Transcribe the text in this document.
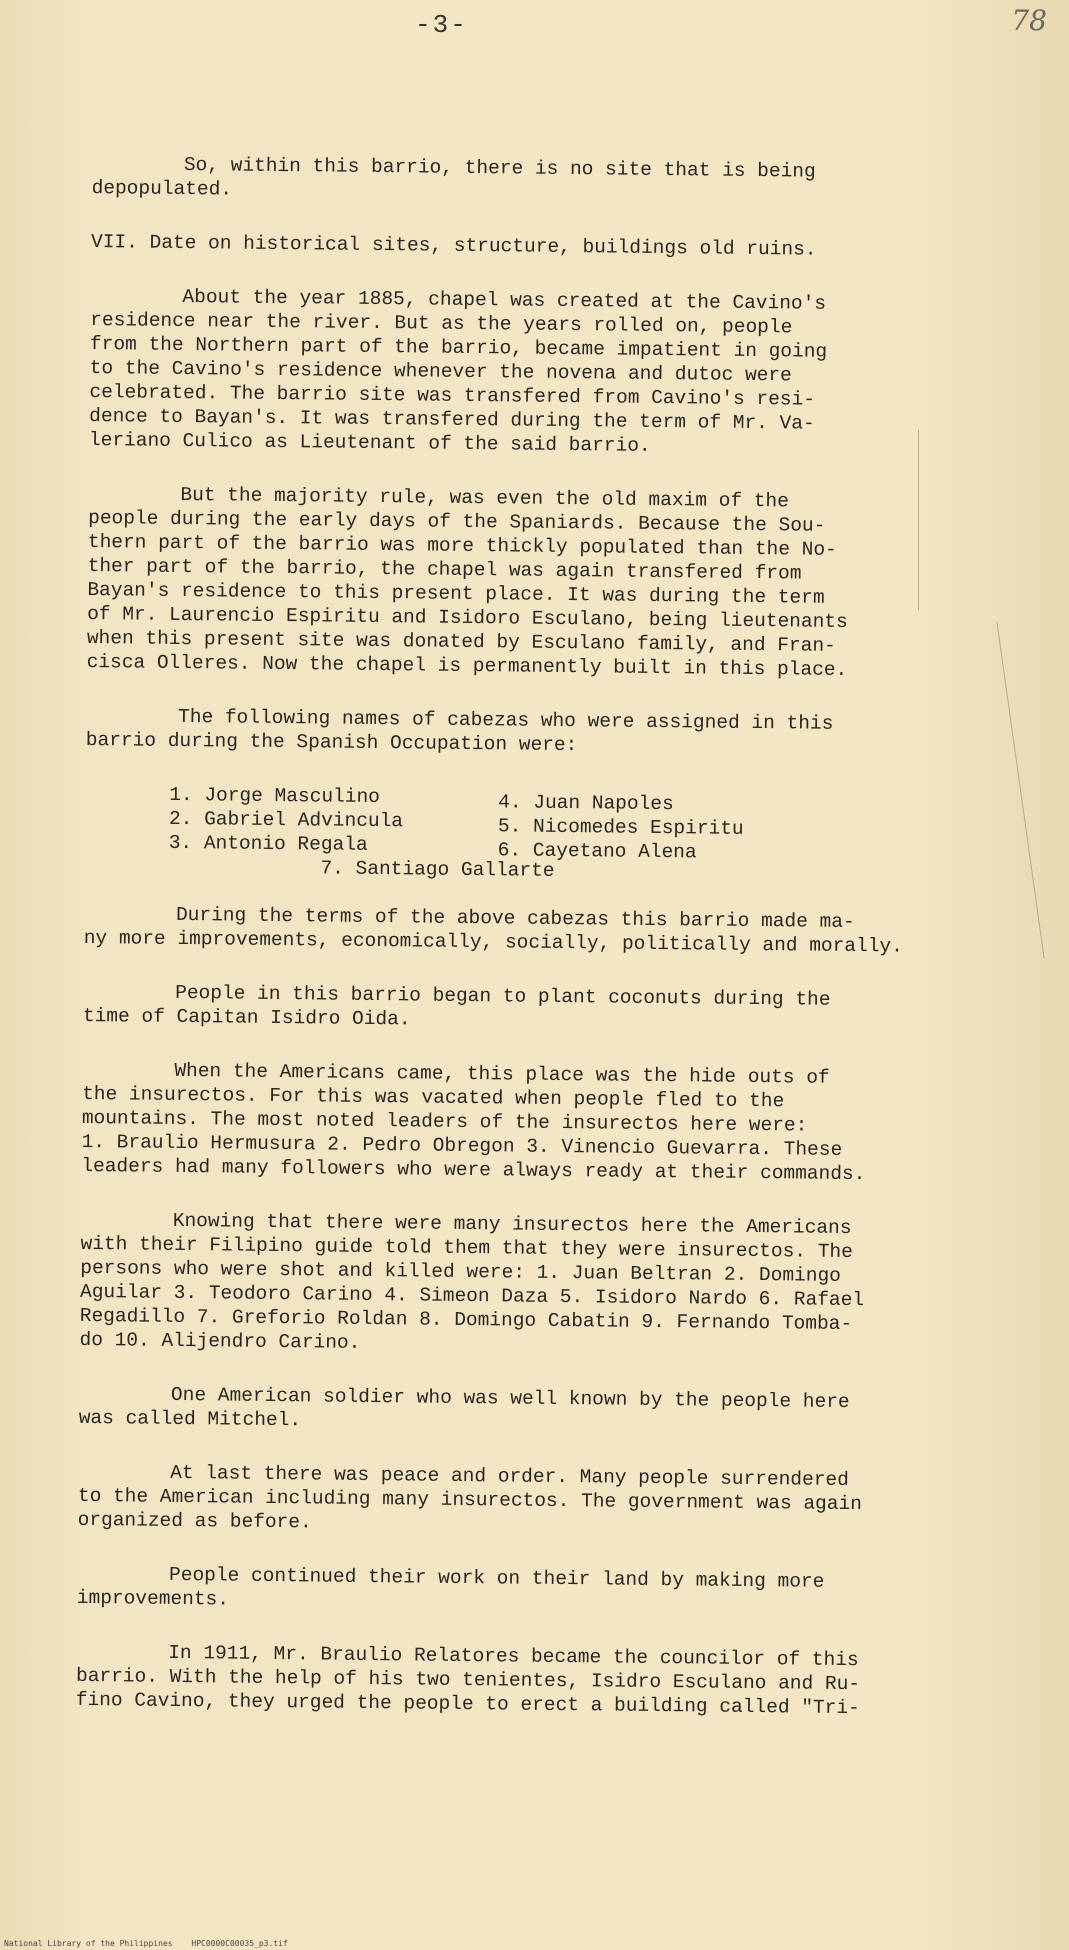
-3-	78

So, within this barrio, there is no site that is being
depopulated.

VII. Date on historical sites, structure, buildings old ruins.

About the year 1885, chapel was created at the Cavino's
residence near the river. But as the years rolled on, people
from the Northern part of the barrio, became impatient in going
to the Cavino's residence whenever the novena and dutoc were
celebrated. The barrio site was transfered from Cavino's resi-
dence to Bayan's. It was transfered during the term of Mr. Va-
leriano Culico as Lieutenant of the said barrio.

But the majority rule, was even the old maxim of the
people during the early days of the Spaniards. Because the Sou-
thern part of the barrio was more thickly populated than the No-
ther part of the barrio, the chapel was again transfered from
Bayan's residence to this present place. It was during the term
of Mr. Laurencio Espiritu and Isidoro Esculano, being lieutenants
when this present site was donated by Esculano family, and Fran-
cisca Olleres. Now the chapel is permanently built in this place.

The following names of cabezas who were assigned in this
barrio during the Spanish Occupation were:

1. Jorge Masculino
2. Gabriel Advincula
3. Antonio Regala
4. Juan Napoles
5. Nicomedes Espiritu
6. Cayetano Alena
7. Santiago Gallarte

During the terms of the above cabezas this barrio made ma-
ny more improvements, economically, socially, politically and morally.

People in this barrio began to plant coconuts during the
time of Capitan Isidro Oida.

When the Americans came, this place was the hide outs of
the insurectos. For this was vacated when people fled to the
mountains. The most noted leaders of the insurectos here were:
1. Braulio Hermusura 2. Pedro Obregon 3. Vinencio Guevarra. These
leaders had many followers who were always ready at their commands.

Knowing that there were many insurectos here the Americans
with their Filipino guide told them that they were insurectos. The
persons who were shot and killed were: 1. Juan Beltran 2. Domingo
Aguilar 3. Teodoro Carino 4. Simeon Daza 5. Isidoro Nardo 6. Rafael
Regadillo 7. Greforio Roldan 8. Domingo Cabatin 9. Fernando Tomba-
do 10. Alijendro Carino.

One American soldier who was well known by the people here
was called Mitchel.

At last there was peace and order. Many people surrendered
to the American including many insurectos. The government was again
organized as before.

People continued their work on their land by making more
improvements.

In 1911, Mr. Braulio Relatores became the councilor of this
barrio. With the help of his two tenientes, Isidro Esculano and Ru-
fino Cavino, they urged the people to erect a building called "Tri-

National Library of the Philippines HPC0000C00035_p3.tif
